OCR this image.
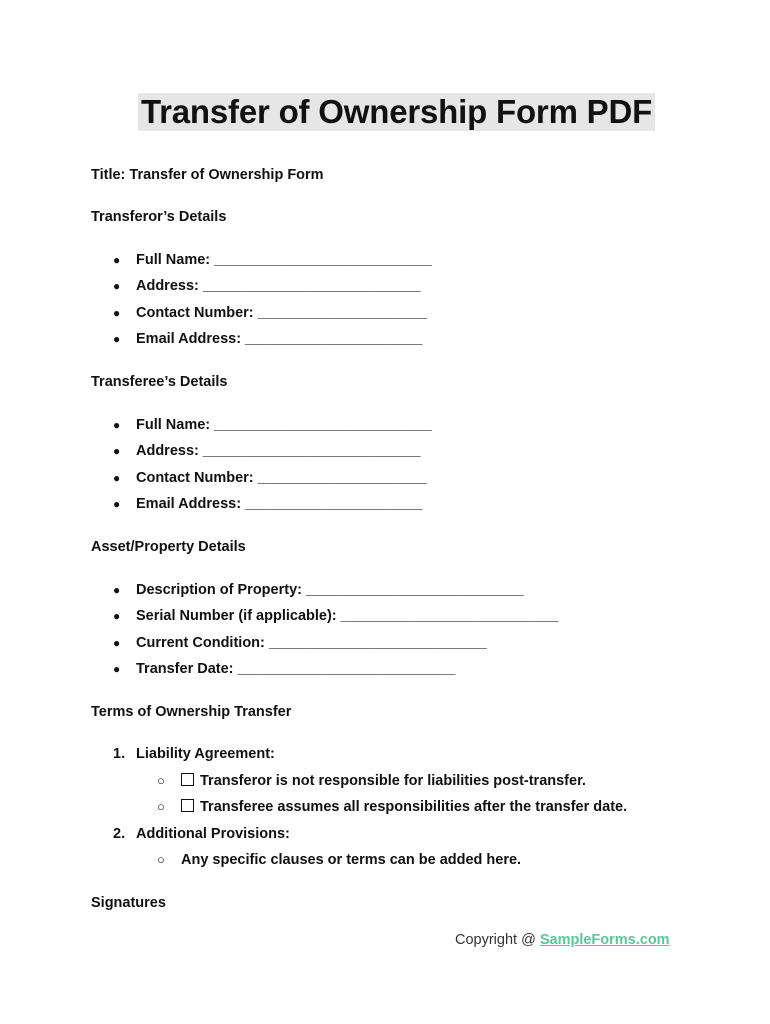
Transfer of Ownership Form PDF
Title: Transfer of Ownership Form
Transferor’s Details
● Full Name: ___________________________
● Address: ___________________________
● Contact Number: _____________________
● Email Address: ______________________
Transferee’s Details
● Full Name: ___________________________
● Address: ___________________________
● Contact Number: _____________________
● Email Address: ______________________
Asset/Property Details
● Description of Property: ___________________________
● Serial Number (if applicable): ___________________________
● Current Condition: ___________________________
● Transfer Date: ___________________________
Terms of Ownership Transfer
1. Liability Agreement:
○ Transferor is not responsible for liabilities post-transfer.
○ Transferee assumes all responsibilities after the transfer date.
2. Additional Provisions:
○ Any specific clauses or terms can be added here.
Signatures
Copyright @ SampleForms.com
